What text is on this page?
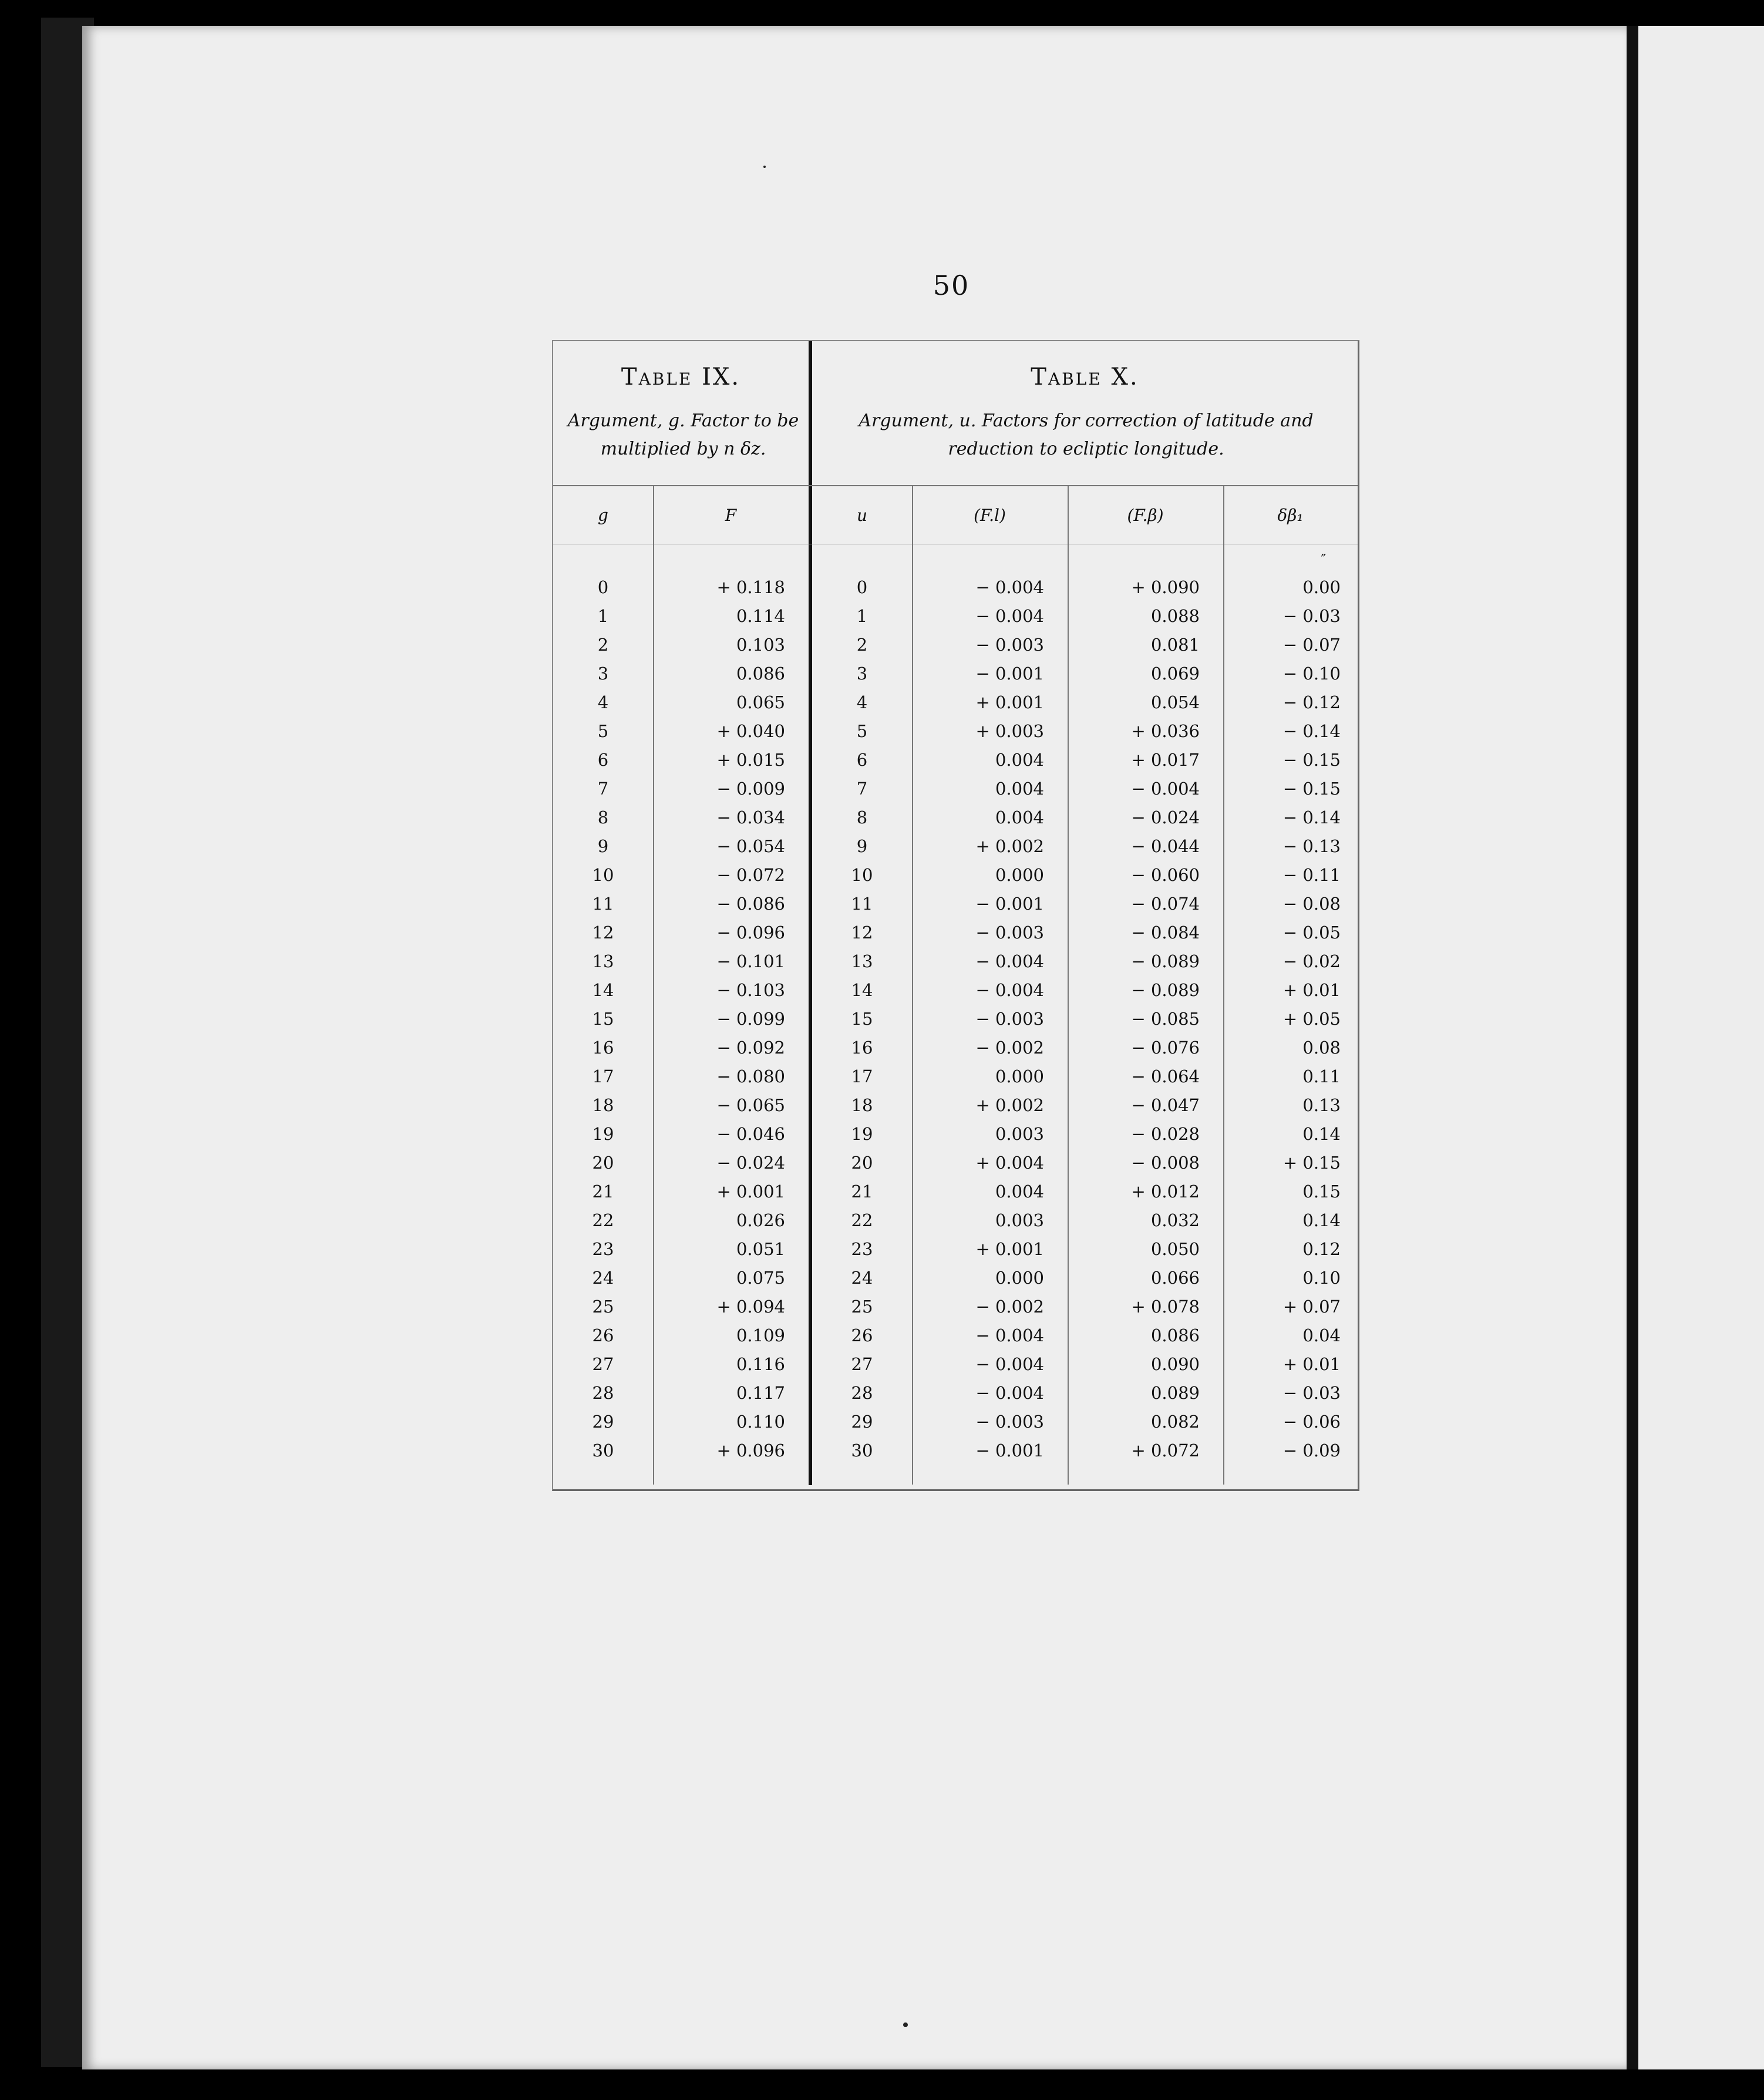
50
Table IX.	Table X.
Argument, g. Factor to be multiplied by n δz.
Argument, u. Factors for correction of latitude and reduction to ecliptic longitude.
g	F	u	(F.l)	(F.β)	δβ₁
″
0	+ 0.118	0	− 0.004	+ 0.090	0.00
1	0.114	1	− 0.004	0.088	− 0.03
2	0.103	2	− 0.003	0.081	− 0.07
3	0.086	3	− 0.001	0.069	− 0.10
4	0.065	4	+ 0.001	0.054	− 0.12
5	+ 0.040	5	+ 0.003	+ 0.036	− 0.14
6	+ 0.015	6	0.004	+ 0.017	− 0.15
7	− 0.009	7	0.004	− 0.004	− 0.15
8	− 0.034	8	0.004	− 0.024	− 0.14
9	− 0.054	9	+ 0.002	− 0.044	− 0.13
10	− 0.072	10	0.000	− 0.060	− 0.11
11	− 0.086	11	− 0.001	− 0.074	− 0.08
12	− 0.096	12	− 0.003	− 0.084	− 0.05
13	− 0.101	13	− 0.004	− 0.089	− 0.02
14	− 0.103	14	− 0.004	− 0.089	+ 0.01
15	− 0.099	15	− 0.003	− 0.085	+ 0.05
16	− 0.092	16	− 0.002	− 0.076	0.08
17	− 0.080	17	0.000	− 0.064	0.11
18	− 0.065	18	+ 0.002	− 0.047	0.13
19	− 0.046	19	0.003	− 0.028	0.14
20	− 0.024	20	+ 0.004	− 0.008	+ 0.15
21	+ 0.001	21	0.004	+ 0.012	0.15
22	0.026	22	0.003	0.032	0.14
23	0.051	23	+ 0.001	0.050	0.12
24	0.075	24	0.000	0.066	0.10
25	+ 0.094	25	− 0.002	+ 0.078	+ 0.07
26	0.109	26	− 0.004	0.086	0.04
27	0.116	27	− 0.004	0.090	+ 0.01
28	0.117	28	− 0.004	0.089	− 0.03
29	0.110	29	− 0.003	0.082	− 0.06
30	+ 0.096	30	− 0.001	+ 0.072	− 0.09
